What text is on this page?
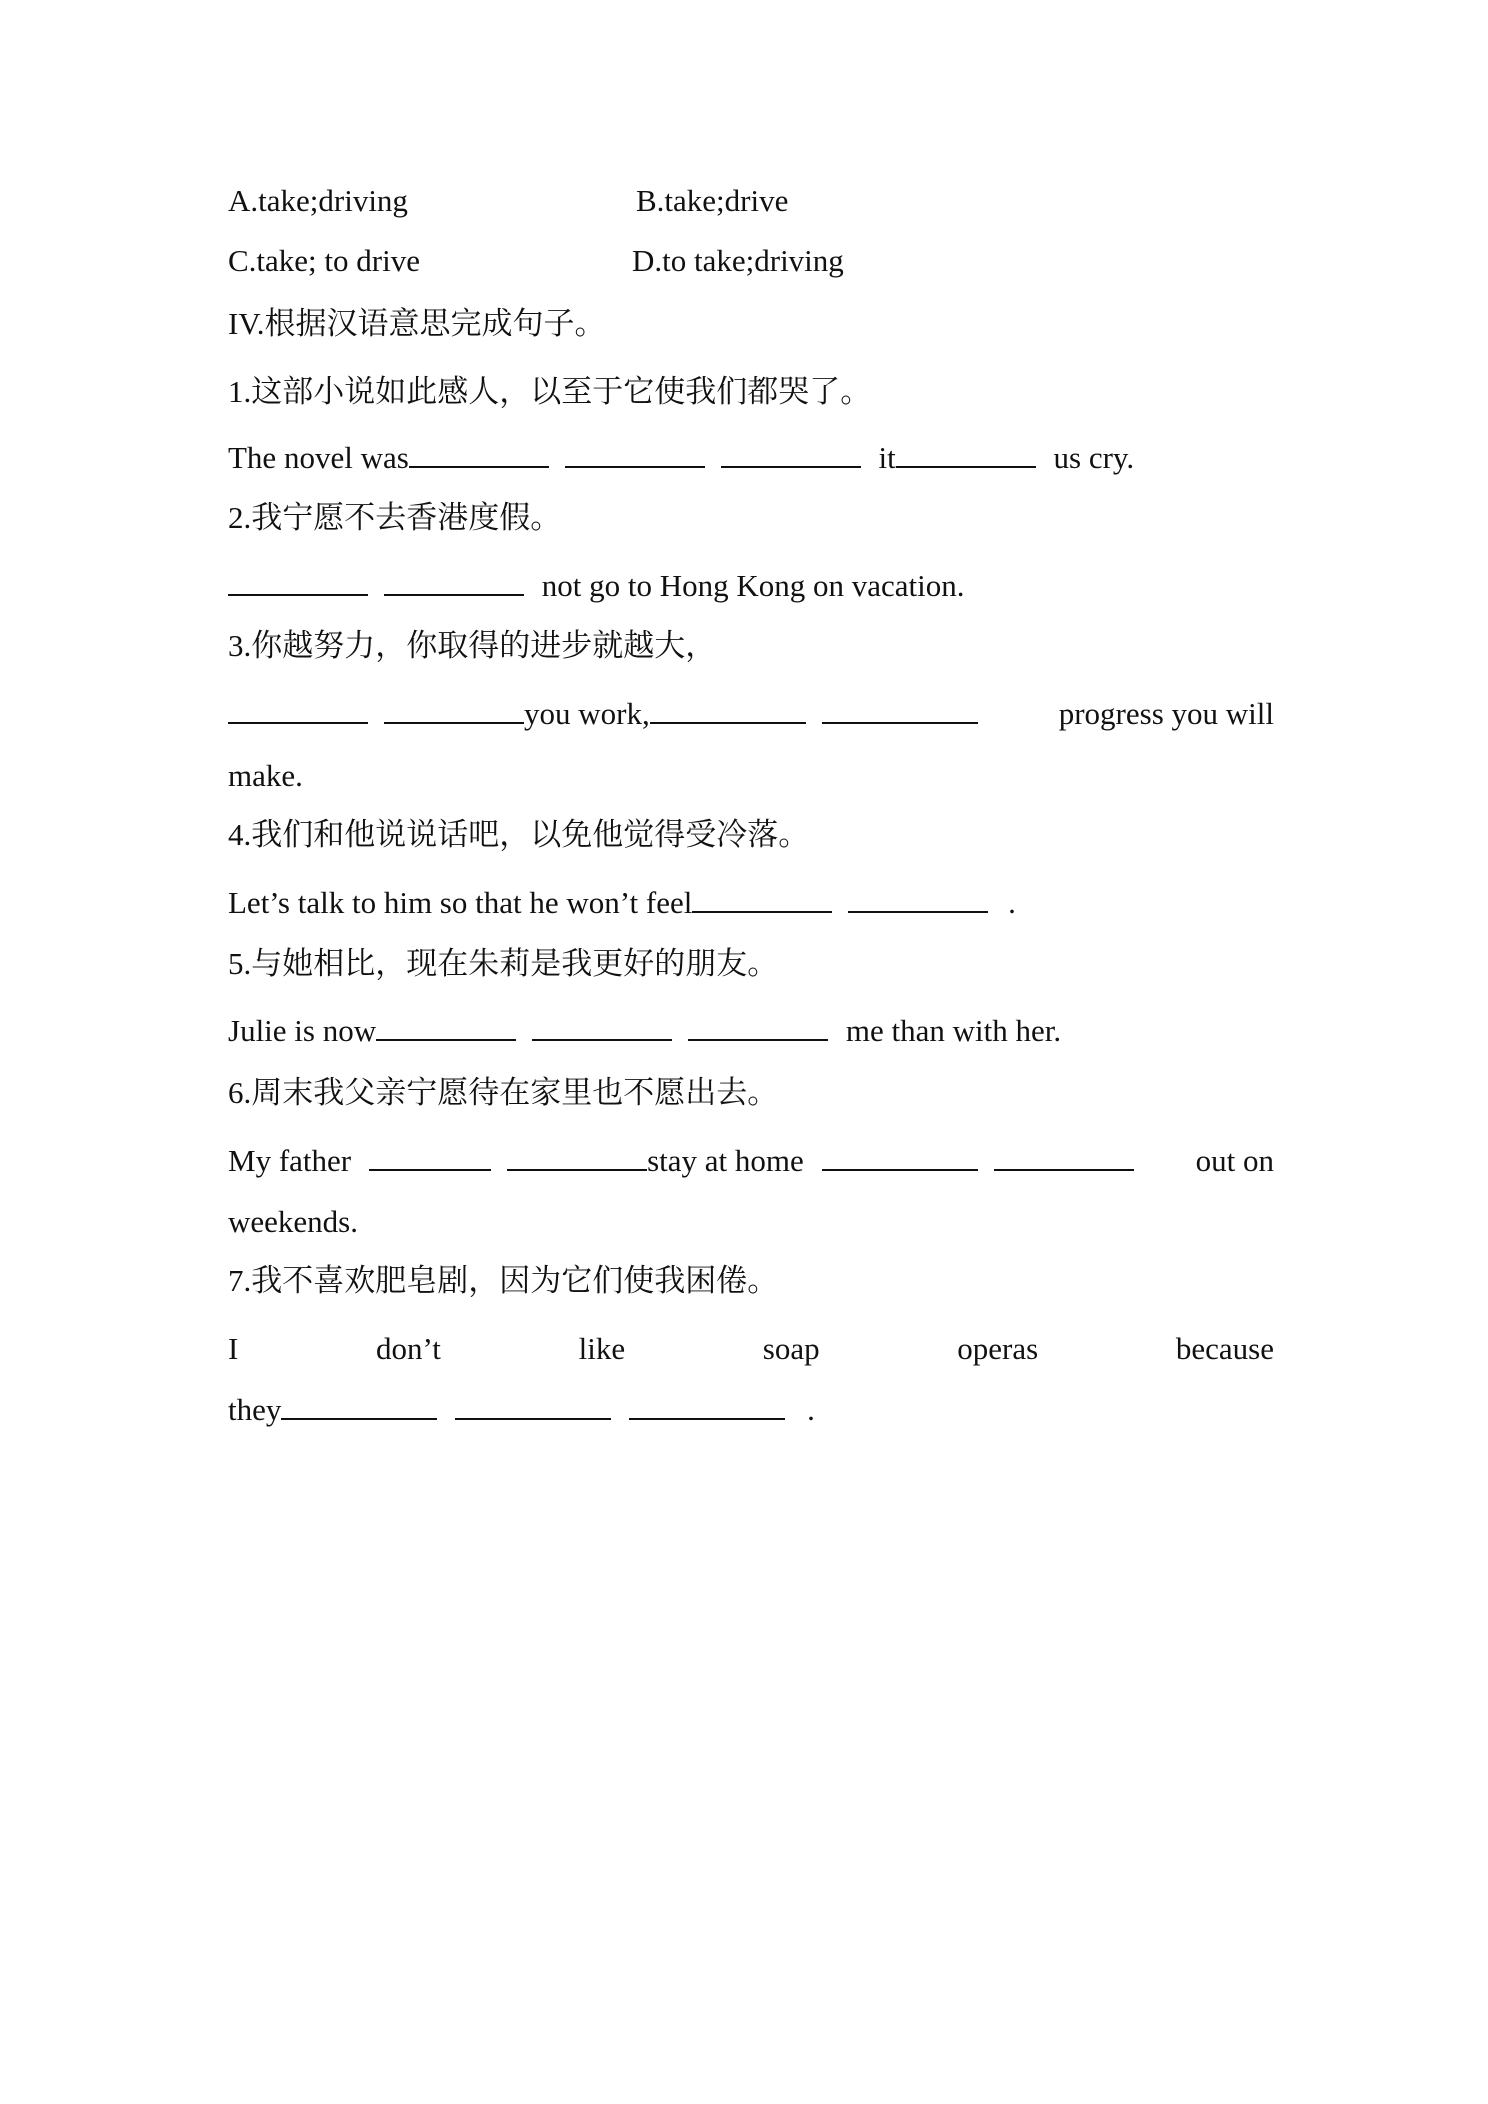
A.take;driving	B.take;drive
C.take; to drive	D.to take;driving
IV.根据汉语意思完成句子。
1.这部小说如此感人，以至于它使我们都哭了。
The novel was	it	us cry.
2.我宁愿不去香港度假。
not go to Hong Kong on vacation.
3.你越努力，你取得的进步就越大，
you work,	progress you will
make.
4.我们和他说说话吧，以免他觉得受冷落。
Let’s talk to him so that he won’t feel	.
5.与她相比，现在朱莉是我更好的朋友。
Julie is now	me than with her.
6.周末我父亲宁愿待在家里也不愿出去。
My father	stay at home	out on
weekends.
7.我不喜欢肥皂剧，因为它们使我困倦。
I	don’t	like	soap	operas	because
they	.
